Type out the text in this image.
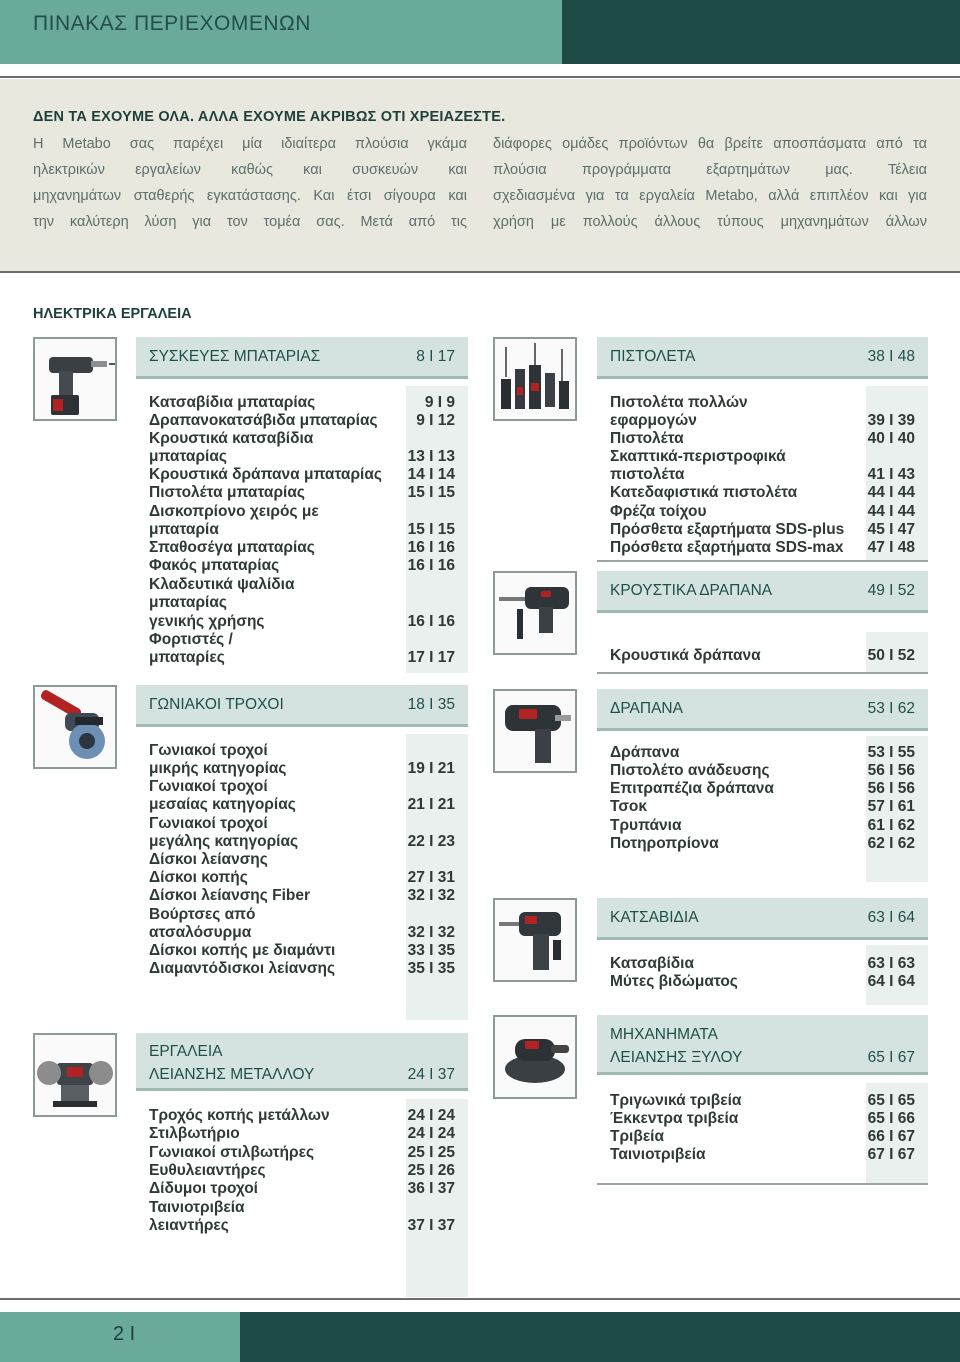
ΠΙΝΑΚΑΣ ΠΕΡΙΕΧΟΜΕΝΩΝ
ΔΕΝ ΤΑ ΕΧΟΥΜΕ ΟΛΑ. ΑΛΛΑ ΕΧΟΥΜΕ ΑΚΡΙΒΩΣ ΟΤΙ ΧΡΕΙΑΖΕΣΤΕ.
Η Metabo σας παρέχει μία ιδιαίτερα πλούσια γκάμα
ηλεκτρικών εργαλείων καθώς και συσκευών και
μηχανημάτων σταθερής εγκατάστασης. Και έτσι σίγουρα και
την καλύτερη λύση για τον τομέα σας. Μετά από τις
διάφορες ομάδες προϊόντων θα βρείτε αποσπάσματα από τα
πλούσια προγράμματα εξαρτημάτων μας. Τέλεια
σχεδιασμένα για τα εργαλεία Metabo, αλλά επιπλέον και για
χρήση με πολλούς άλλους τύπους μηχανημάτων άλλων
ΗΛΕΚΤΡΙΚΑ ΕΡΓΑΛΕΙΑ
ΣΥΣΚΕΥΕΣ ΜΠΑΤΑΡΙΑΣ	8 I 17
Κατσαβίδια μπαταρίας	9 I 9
Δραπανοκατσάβιδα μπαταρίας 9 I 12
Κρουστικά κατσαβίδια
μπαταρίας	13 I 13
Κρουστικά δράπανα μπαταρίας 14 I 14
Πιστολέτα μπαταρίας	15 I 15
Δισκοπρίονο χειρός με
μπαταρία	15 I 15
Σπαθοσέγα μπαταρίας	16 I 16
Φακός μπαταρίας	16 I 16
Κλαδευτικά ψαλίδια
μπαταρίας
γενικής χρήσης	16 I 16
Φορτιστές /
μπαταρίες	17 I 17
ΓΩΝΙΑΚΟΙ ΤΡΟΧΟΙ	18 I 35
Γωνιακοί τροχοί
μικρής κατηγορίας	19 I 21
Γωνιακοί τροχοί
μεσαίας κατηγορίας	21 I 21
Γωνιακοί τροχοί
μεγάλης κατηγορίας	22 I 23
Δίσκοι λείανσης
Δίσκοι κοπής	27 I 31
Δίσκοι λείανσης Fiber	32 I 32
Βούρτσες από
ατσαλόσυρμα	32 I 32
Δίσκοι κοπής με διαμάντι	33 I 35
Διαμαντόδισκοι λείανσης	35 I 35
ΕΡΓΑΛΕΙΑ
ΛΕΙΑΝΣΗΣ ΜΕΤΑΛΛΟΥ	24 I 37
Τροχός κοπής μετάλλων	24 I 24
Στιλβωτήριο	24 I 24
Γωνιακοί στιλβωτήρες	25 I 25
Ευθυλειαντήρες	25 I 26
Δίδυμοι τροχοί	36 I 37
Ταινιοτριβεία
λειαντήρες	37 I 37
ΠΙΣΤΟΛΕΤΑ	38 I 48
Πιστολέτα πολλών
εφαρμογών	39 I 39
Πιστολέτα	40 I 40
Σκαπτικά-περιστροφικά
πιστολέτα	41 I 43
Κατεδαφιστικά πιστολέτα	44 I 44
Φρέζα τοίχου	44 I 44
Πρόσθετα εξαρτήματα SDS-plus 45 I 47
Πρόσθετα εξαρτήματα SDS-max 47 I 48
ΚΡΟΥΣΤΙΚΑ ΔΡΑΠΑΝΑ	49 I 52
Κρουστικά δράπανα	50 I 52
ΔΡΑΠΑΝΑ	53 I 62
Δράπανα	53 I 55
Πιστολέτο ανάδευσης	56 I 56
Επιτραπέζια δράπανα	56 I 56
Τσοκ	57 I 61
Τρυπάνια	61 I 62
Ποτηροπρίονα	62 I 62
ΚΑΤΣΑΒΙΔΙΑ	63 I 64
Κατσαβίδια	63 I 63
Μύτες βιδώματος	64 I 64
ΜΗΧΑΝΗΜΑΤΑ
ΛΕΙΑΝΣΗΣ ΞΥΛΟΥ	65 I 67
Τριγωνικά τριβεία	65 I 65
Έκκεντρα τριβεία	65 I 66
Τριβεία	66 I 67
Ταινιοτριβεία	67 I 67
2 I
